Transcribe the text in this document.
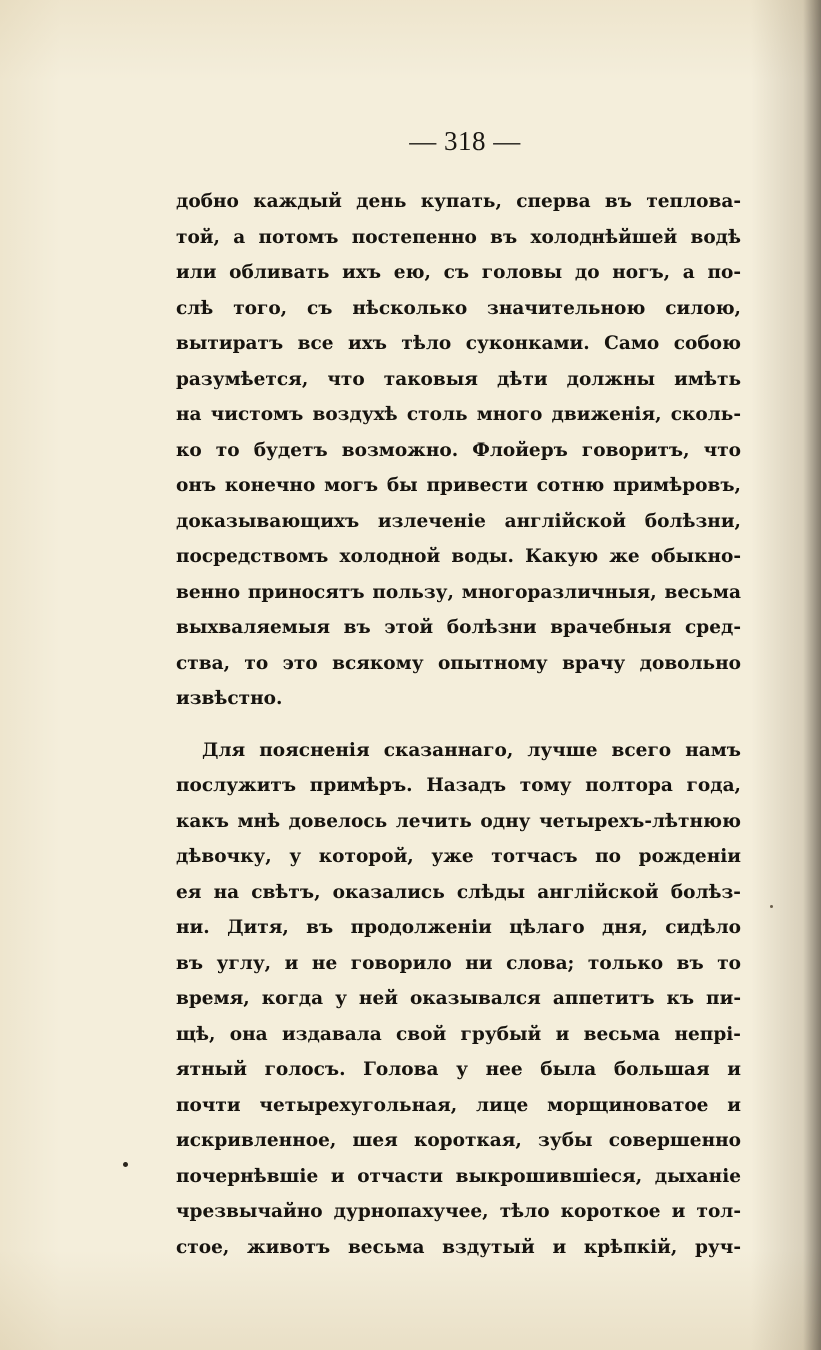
— 318 —
добно каждый день купать, сперва въ теплова-
той, а потомъ постепенно въ холоднѣйшей водѣ
или обливать ихъ ею, съ головы до ногъ, а по-
слѣ того, съ нѣсколько значительною силою,
вытиратъ все ихъ тѣло суконками. Само собою
разумѣется, что таковыя дѣти должны имѣть
на чистомъ воздухѣ столь много движенія, сколь-
ко то будетъ возможно. Флойеръ говоритъ, что
онъ конечно могъ бы привести сотню примѣровъ,
доказывающихъ излеченіе англійской болѣзни,
посредствомъ холодной воды. Какую же обыкно-
венно приносятъ пользу, многоразличныя, весьма
выхваляемыя въ этой болѣзни врачебныя сред-
ства, то это всякому опытному врачу довольно
извѣстно.
Для поясненія сказаннаго, лучше всего намъ
послужитъ примѣръ. Назадъ тому полтора года,
какъ мнѣ довелось лечить одну четырехъ-лѣтнюю
дѣвочку, у которой, уже тотчасъ по рожденіи
ея на свѣтъ, оказались слѣды англійской болѣз-
ни. Дитя, въ продолженіи цѣлаго дня, сидѣло
въ углу, и не говорило ни слова; только въ то
время, когда у ней оказывался аппетитъ къ пи-
щѣ, она издавала свой грубый и весьма непрі-
ятный голосъ. Голова у нее была большая и
почти четырехугольная, лице морщиноватое и
искривленное, шея короткая, зубы совершенно
почернѣвшіе и отчасти выкрошившіеся, дыханіе
чрезвычайно дурнопахучее, тѣло короткое и тол-
стое, животъ весьма вздутый и крѣпкій, руч-
